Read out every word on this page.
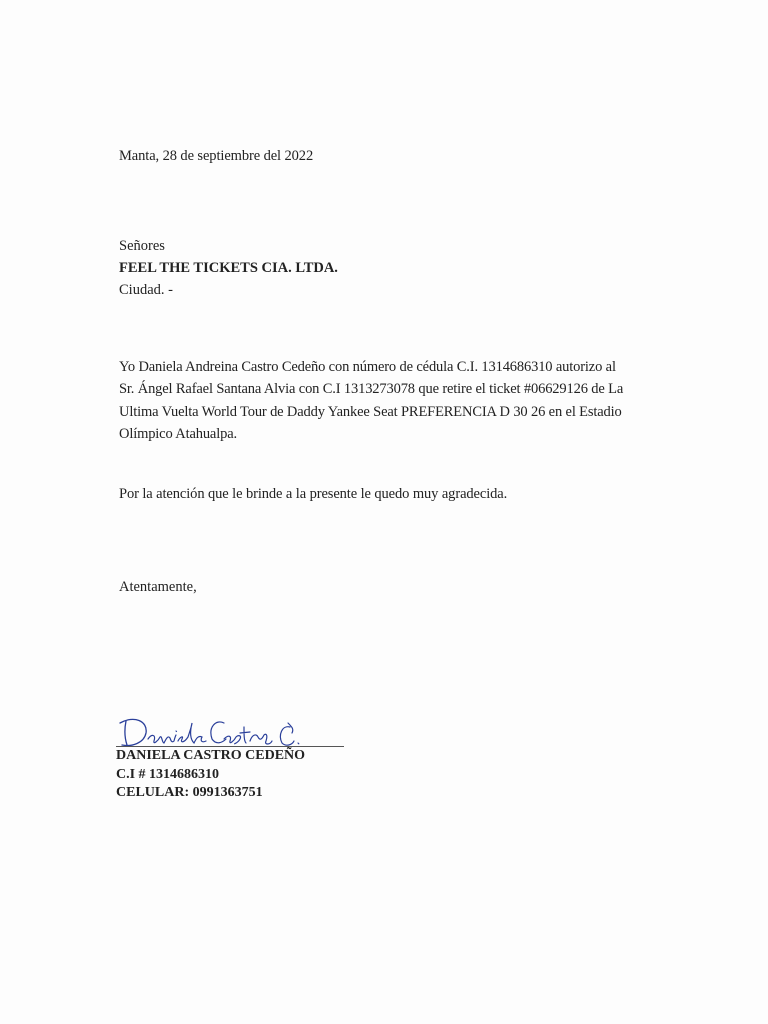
Manta, 28 de septiembre del 2022
Señores
FEEL THE TICKETS CIA. LTDA.
Ciudad. -
Yo Daniela Andreina Castro Cedeño con número de cédula C.I. 1314686310 autorizo al
Sr. Ángel Rafael Santana Alvia con C.I 1313273078 que retire el ticket #06629126 de La
Ultima Vuelta World Tour de Daddy Yankee Seat PREFERENCIA D 30 26 en el Estadio
Olímpico Atahualpa.
Por la atención que le brinde a la presente le quedo muy agradecida.
Atentamente,
DANIELA CASTRO CEDEÑO
C.I # 1314686310
CELULAR: 0991363751
